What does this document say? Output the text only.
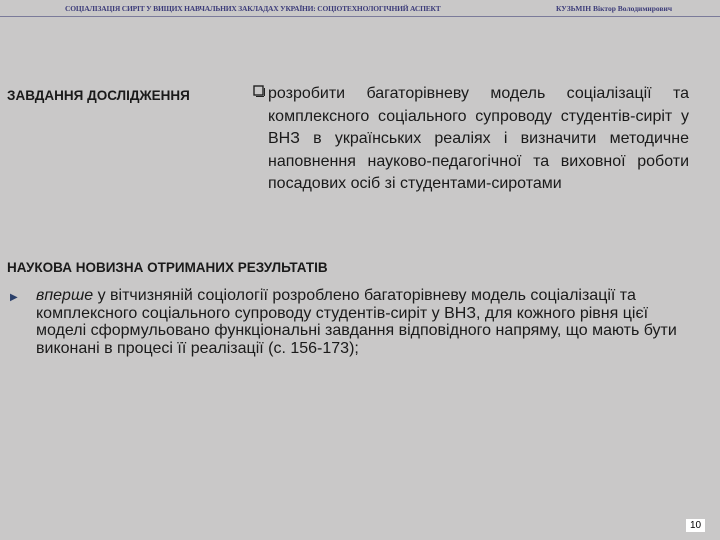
СОЦІАЛІЗАЦІЯ СИРІТ У ВИЩИХ НАВЧАЛЬНИХ ЗАКЛАДАХ УКРАЇНИ: СОЦІОТЕХНОЛОГІЧНИЙ АСПЕКТ	КУЗЬМІН Віктор Володимирович
ЗАВДАННЯ ДОСЛІДЖЕННЯ	розробити багаторівневу модель соціалізації та комплексного соціального супроводу студентів-сиріт у ВНЗ в українських реаліях і визначити методичне наповнення науково-педагогічної та виховної роботи посадових осіб зі студентами-сиротами
НАУКОВА НОВИЗНА ОТРИМАНИХ РЕЗУЛЬТАТІВ
▶ вперше у вітчизняній соціології розроблено багаторівневу модель соціалізації та комплексного соціального супроводу студентів-сиріт у ВНЗ, для кожного рівня цієї моделі сформульовано функціональні завдання відповідного напряму, що мають бути виконані в процесі її реалізації (с. 156-173);
10
